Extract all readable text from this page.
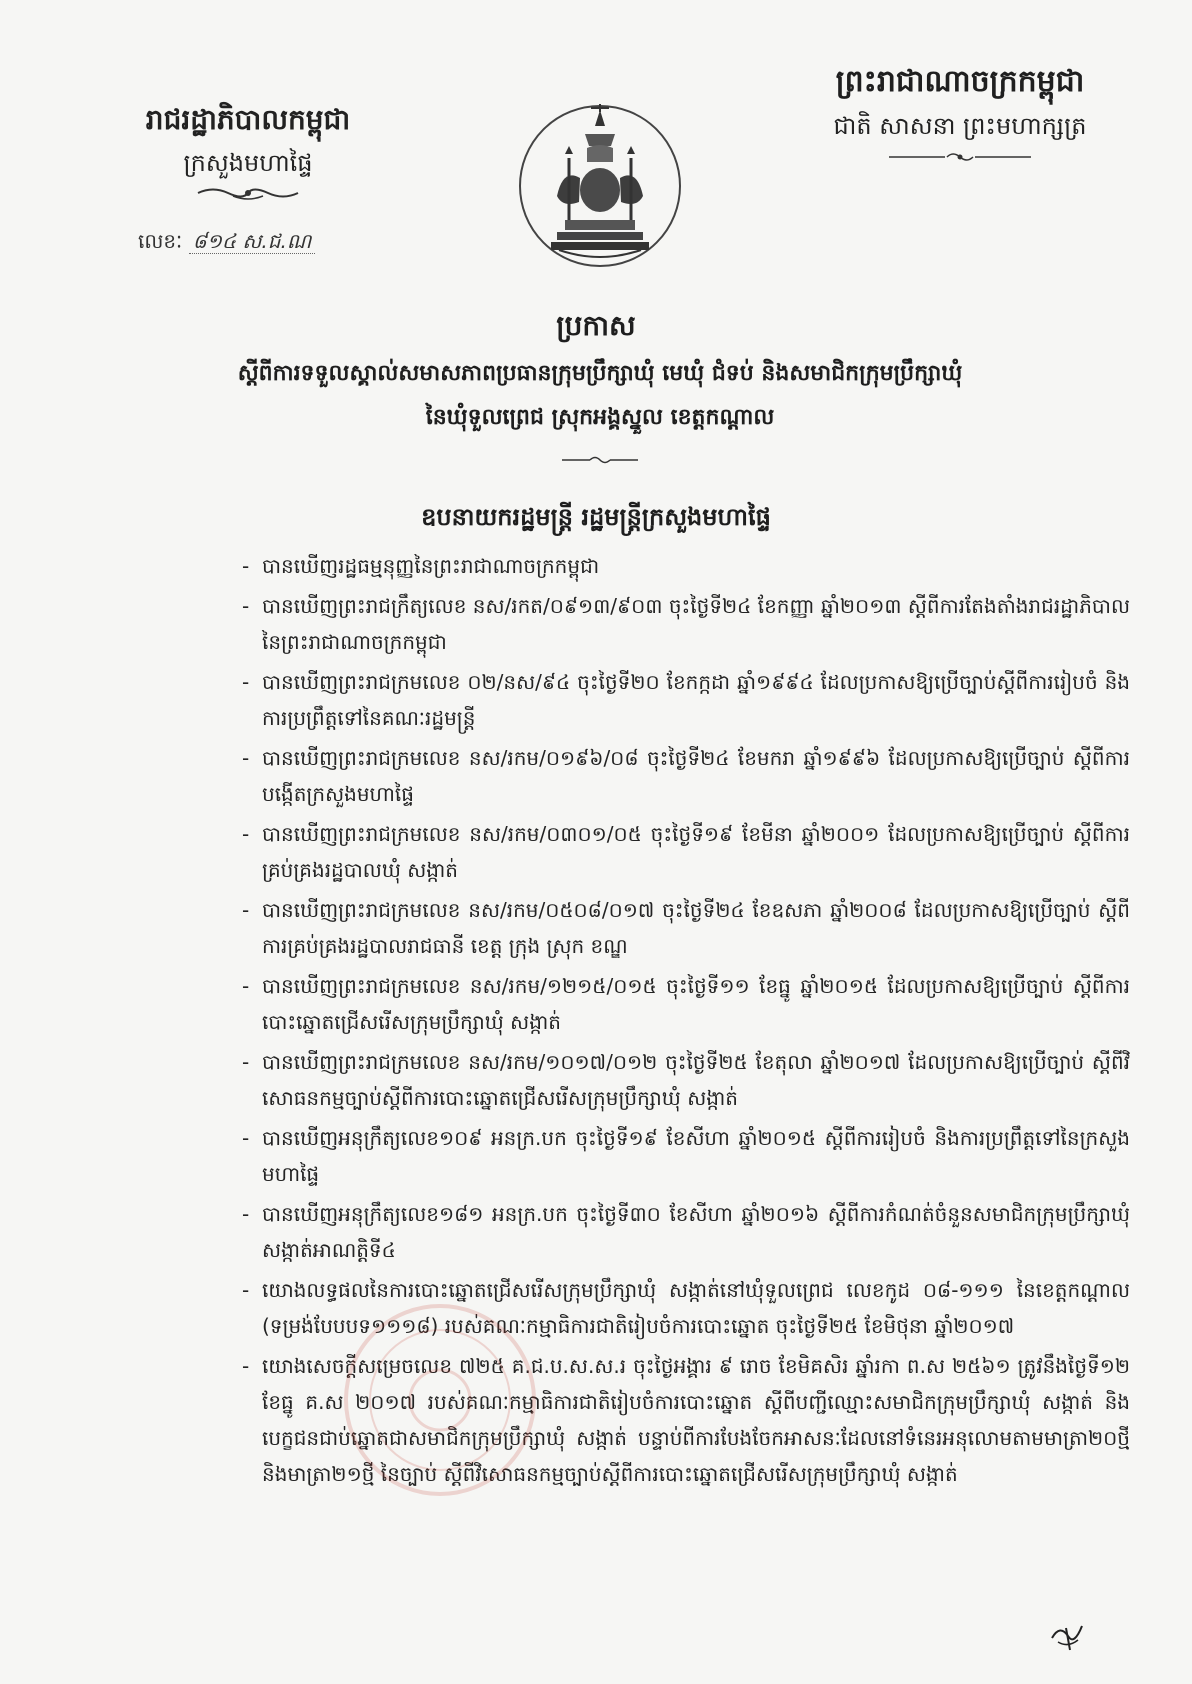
រាជរដ្ឋាភិបាលកម្ពុជា

ក្រសួងមហាផ្ទៃ

លេខៈ ៨១៤ ស.ជ.ណ

ព្រះរាជាណាចក្រកម្ពុជា

ជាតិ សាសនា ព្រះមហាក្សត្រ

ប្រកាស
ស្តីពីការទទួលស្គាល់សមាសភាពប្រធានក្រុមប្រឹក្សាឃុំ មេឃុំ ជំទប់ និងសមាជិកក្រុមប្រឹក្សាឃុំ
នៃឃុំទួលព្រេជ ស្រុកអង្គស្នួល ខេត្តកណ្តាល
ឧបនាយករដ្ឋមន្ត្រី រដ្ឋមន្ត្រីក្រសួងមហាផ្ទៃ
- បានឃើញរដ្ឋធម្មនុញ្ញនៃព្រះរាជាណាចក្រកម្ពុជា
- បានឃើញព្រះរាជក្រឹត្យលេខ នស/រកត/០៩១៣/៩០៣ ចុះថ្ងៃទី២៤ ខែកញ្ញា ឆ្នាំ២០១៣ ស្តីពីការតែងតាំងរាជរដ្ឋាភិបាលនៃព្រះរាជាណាចក្រកម្ពុជា
- បានឃើញព្រះរាជក្រមលេខ ០២/នស/៩៤ ចុះថ្ងៃទី២០ ខែកក្កដា ឆ្នាំ១៩៩៤ ដែលប្រកាសឱ្យប្រើច្បាប់ស្តីពីការរៀបចំ និងការប្រព្រឹត្តទៅនៃគណៈរដ្ឋមន្ត្រី
- បានឃើញព្រះរាជក្រមលេខ នស/រកម/០១៩៦/០៨ ចុះថ្ងៃទី២៤ ខែមករា ឆ្នាំ១៩៩៦ ដែលប្រកាសឱ្យប្រើច្បាប់ ស្តីពីការបង្កើតក្រសួងមហាផ្ទៃ
- បានឃើញព្រះរាជក្រមលេខ នស/រកម/០៣០១/០៥ ចុះថ្ងៃទី១៩ ខែមីនា ឆ្នាំ២០០១ ដែលប្រកាសឱ្យប្រើច្បាប់ ស្តីពីការគ្រប់គ្រងរដ្ឋបាលឃុំ សង្កាត់
- បានឃើញព្រះរាជក្រមលេខ នស/រកម/០៥០៨/០១៧ ចុះថ្ងៃទី២៤ ខែឧសភា ឆ្នាំ២០០៨ ដែលប្រកាសឱ្យប្រើច្បាប់ ស្តីពីការគ្រប់គ្រងរដ្ឋបាលរាជធានី ខេត្ត ក្រុង ស្រុក ខណ្ឌ
- បានឃើញព្រះរាជក្រមលេខ នស/រកម/១២១៥/០១៥ ចុះថ្ងៃទី១១ ខែធ្នូ ឆ្នាំ២០១៥ ដែលប្រកាសឱ្យប្រើច្បាប់ ស្តីពីការបោះឆ្នោតជ្រើសរើសក្រុមប្រឹក្សាឃុំ សង្កាត់
- បានឃើញព្រះរាជក្រមលេខ នស/រកម/១០១៧/០១២ ចុះថ្ងៃទី២៥ ខែតុលា ឆ្នាំ២០១៧ ដែលប្រកាសឱ្យប្រើច្បាប់ ស្តីពីវិសោធនកម្មច្បាប់ស្តីពីការបោះឆ្នោតជ្រើសរើសក្រុមប្រឹក្សាឃុំ សង្កាត់
- បានឃើញអនុក្រឹត្យលេខ១០៩ អនក្រ.បក ចុះថ្ងៃទី១៩ ខែសីហា ឆ្នាំ២០១៥ ស្តីពីការរៀបចំ និងការប្រព្រឹត្តទៅនៃក្រសួងមហាផ្ទៃ
- បានឃើញអនុក្រឹត្យលេខ១៨១ អនក្រ.បក ចុះថ្ងៃទី៣០ ខែសីហា ឆ្នាំ២០១៦ ស្តីពីការកំណត់ចំនួនសមាជិកក្រុមប្រឹក្សាឃុំ សង្កាត់អាណត្តិទី៤
- យោងលទ្ធផលនៃការបោះឆ្នោតជ្រើសរើសក្រុមប្រឹក្សាឃុំ សង្កាត់នៅឃុំទួលព្រេជ លេខកូដ ០៨-១១១ នៃខេត្តកណ្តាល (ទម្រង់បែបបទ១១១៨) របស់គណៈកម្មាធិការជាតិរៀបចំការបោះឆ្នោត ចុះថ្ងៃទី២៥ ខែមិថុនា ឆ្នាំ២០១៧
- យោងសេចក្តីសម្រេចលេខ ៧២៥ គ.ជ.ប.ស.ស.រ ចុះថ្ងៃអង្គារ ៩ រោច ខែមិគសិរ ឆ្នាំរកា ព.ស ២៥៦១ ត្រូវនឹងថ្ងៃទី១២ ខែធ្នូ គ.ស ២០១៧ របស់គណៈកម្មាធិការជាតិរៀបចំការបោះឆ្នោត ស្តីពីបញ្ជីឈ្មោះសមាជិកក្រុមប្រឹក្សាឃុំ សង្កាត់ និងបេក្ខជនជាប់ឆ្នោតជាសមាជិកក្រុមប្រឹក្សាឃុំ សង្កាត់ បន្ទាប់ពីការបែងចែកអាសនៈដែលនៅទំនេរអនុលោមតាមមាត្រា២០ថ្មី និងមាត្រា២១ថ្មី នៃច្បាប់ ស្តីពីវិសោធនកម្មច្បាប់ស្តីពីការបោះឆ្នោតជ្រើសរើសក្រុមប្រឹក្សាឃុំ សង្កាត់
